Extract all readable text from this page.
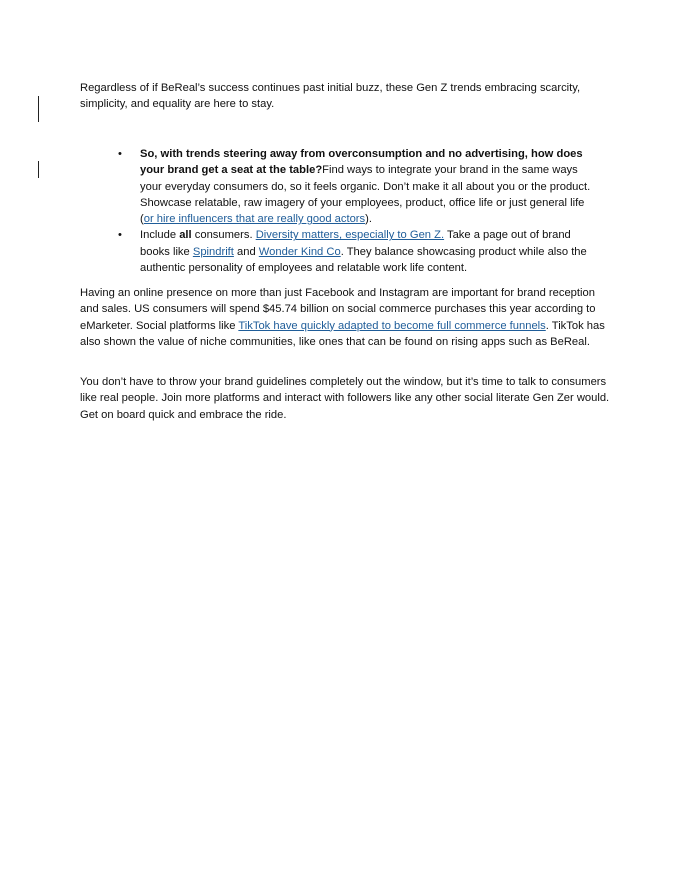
Regardless of if BeReal’s success continues past initial buzz, these Gen Z trends embracing scarcity, simplicity, and equality are here to stay.

• So, with trends steering away from overconsumption and no advertising, how does your brand get a seat at the table?Find ways to integrate your brand in the same ways your everyday consumers do, so it feels organic. Don’t make it all about you or the product. Showcase relatable, raw imagery of your employees, product, office life or just general life (or hire influencers that are really good actors).
• Include all consumers. Diversity matters, especially to Gen Z. Take a page out of brand books like Spindrift and Wonder Kind Co. They balance showcasing product while also the authentic personality of employees and relatable work life content.

Having an online presence on more than just Facebook and Instagram are important for brand reception and sales. US consumers will spend $45.74 billion on social commerce purchases this year according to eMarketer. Social platforms like TikTok have quickly adapted to become full commerce funnels. TikTok has also shown the value of niche communities, like ones that can be found on rising apps such as BeReal.

You don’t have to throw your brand guidelines completely out the window, but it’s time to talk to consumers like real people. Join more platforms and interact with followers like any other social literate Gen Zer would. Get on board quick and embrace the ride.
